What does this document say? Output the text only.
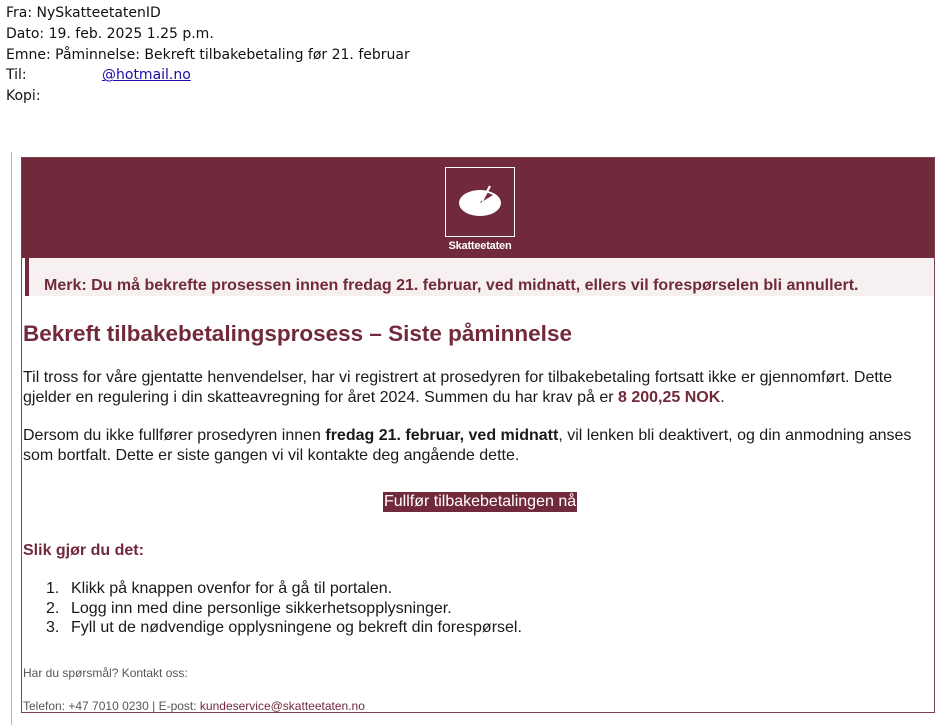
Fra: NySkatteetatenID
Dato: 19. feb. 2025 1.25 p.m.
Emne: Påminnelse: Bekreft tilbakebetaling før 21. februar
Til:	@hotmail.no
Kopi:
Skatteetaten
Merk: Du må bekrefte prosessen innen fredag 21. februar, ved midnatt, ellers vil forespørselen bli annullert.
Bekreft tilbakebetalingsprosess – Siste påminnelse
Til tross for våre gjentatte henvendelser, har vi registrert at prosedyren for tilbakebetaling fortsatt ikke er gjennomført. Dette gjelder en regulering i din skatteavregning for året 2024. Summen du har krav på er 8 200,25 NOK.
Dersom du ikke fullfører prosedyren innen fredag 21. februar, ved midnatt, vil lenken bli deaktivert, og din anmodning anses som bortfalt. Dette er siste gangen vi vil kontakte deg angående dette.
Fullfør tilbakebetalingen nå
Slik gjør du det:
1. Klikk på knappen ovenfor for å gå til portalen.
2. Logg inn med dine personlige sikkerhetsopplysninger.
3. Fyll ut de nødvendige opplysningene og bekreft din forespørsel.
Har du spørsmål? Kontakt oss:
Telefon: +47 7010 0230 | E-post: kundeservice@skatteetaten.no
